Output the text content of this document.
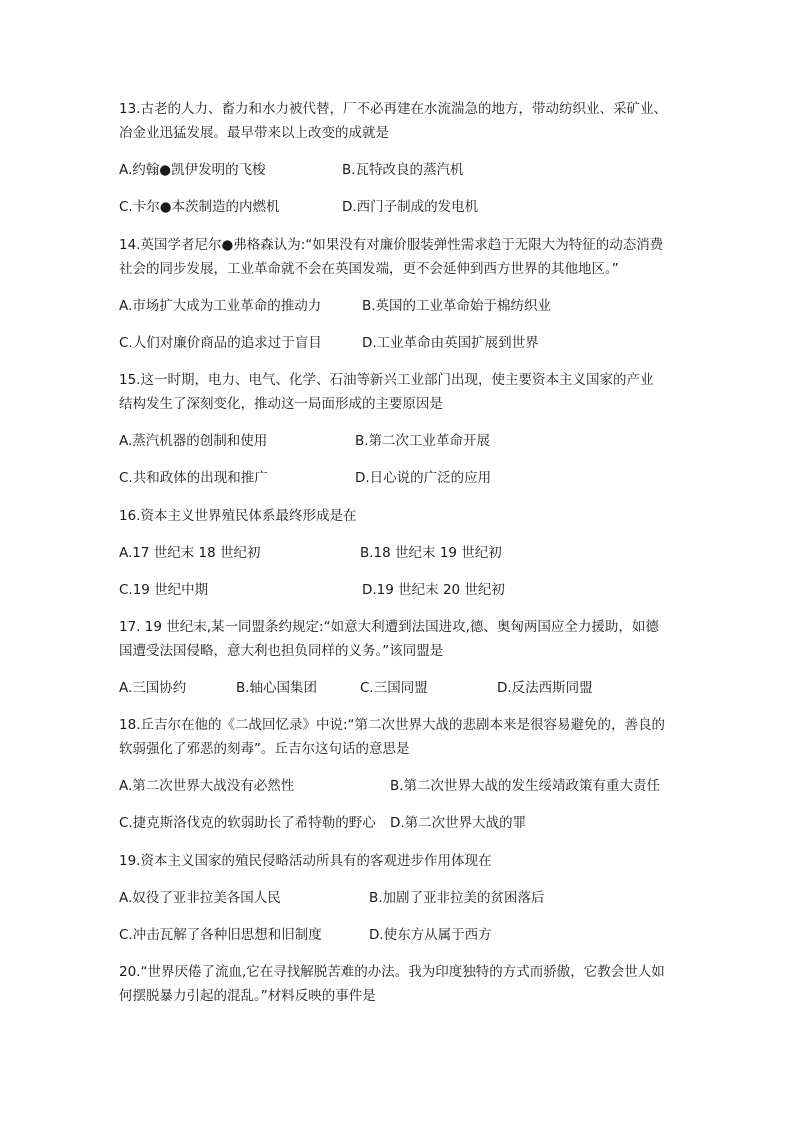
13.古老的人力、畜力和水力被代替，厂不必再建在水流湍急的地方，带动纺织业、采矿业、
冶金业迅猛发展。最早带来以上改变的成就是
A.约翰●凯伊发明的飞梭	B.瓦特改良的蒸汽机
C.卡尔●本茨制造的内燃机	D.西门子制成的发电机
14.英国学者尼尔●弗格森认为:“如果没有对廉价服装弹性需求趋于无限大为特征的动态消费
社会的同步发展，工业革命就不会在英国发端，更不会延伸到西方世界的其他地区。”
A.市场扩大成为工业革命的推动力	B.英国的工业革命始于棉纺织业
C.人们对廉价商品的追求过于盲目	D.工业革命由英国扩展到世界
15.这一时期，电力、电气、化学、石油等新兴工业部门出现，使主要资本主义国家的产业
结构发生了深刻变化，推动这一局面形成的主要原因是
A.蒸汽机器的创制和使用	B.第二次工业革命开展
C.共和政体的出现和推广	D.日心说的广泛的应用
16.资本主义世界殖民体系最终形成是在
A.17 世纪末 18 世纪初	B.18 世纪末 19 世纪初
C.19 世纪中期	D.19 世纪末 20 世纪初
17. 19 世纪末,某一同盟条约规定:“如意大利遭到法国进攻,德、奥匈两国应全力援助，如德
国遭受法国侵略，意大利也担负同样的义务。”该同盟是
A.三国协约	B.轴心国集团	C.三国同盟	D.反法西斯同盟
18.丘吉尔在他的《二战回忆录》中说:“第二次世界大战的悲剧本来是很容易避免的，善良的
软弱强化了邪恶的刻毒”。丘吉尔这句话的意思是
A.第二次世界大战没有必然性	B.第二次世界大战的发生绥靖政策有重大责任
C.捷克斯洛伐克的软弱助长了希特勒的野心 D.第二次世界大战的罪
19.资本主义国家的殖民侵略活动所具有的客观进步作用体现在
A.奴役了亚非拉美各国人民	B.加剧了亚非拉美的贫困落后
C.冲击瓦解了各种旧思想和旧制度	D.使东方从属于西方
20.“世界厌倦了流血,它在寻找解脱苦难的办法。我为印度独特的方式而骄傲，它教会世人如
何摆脱暴力引起的混乱。”材料反映的事件是
